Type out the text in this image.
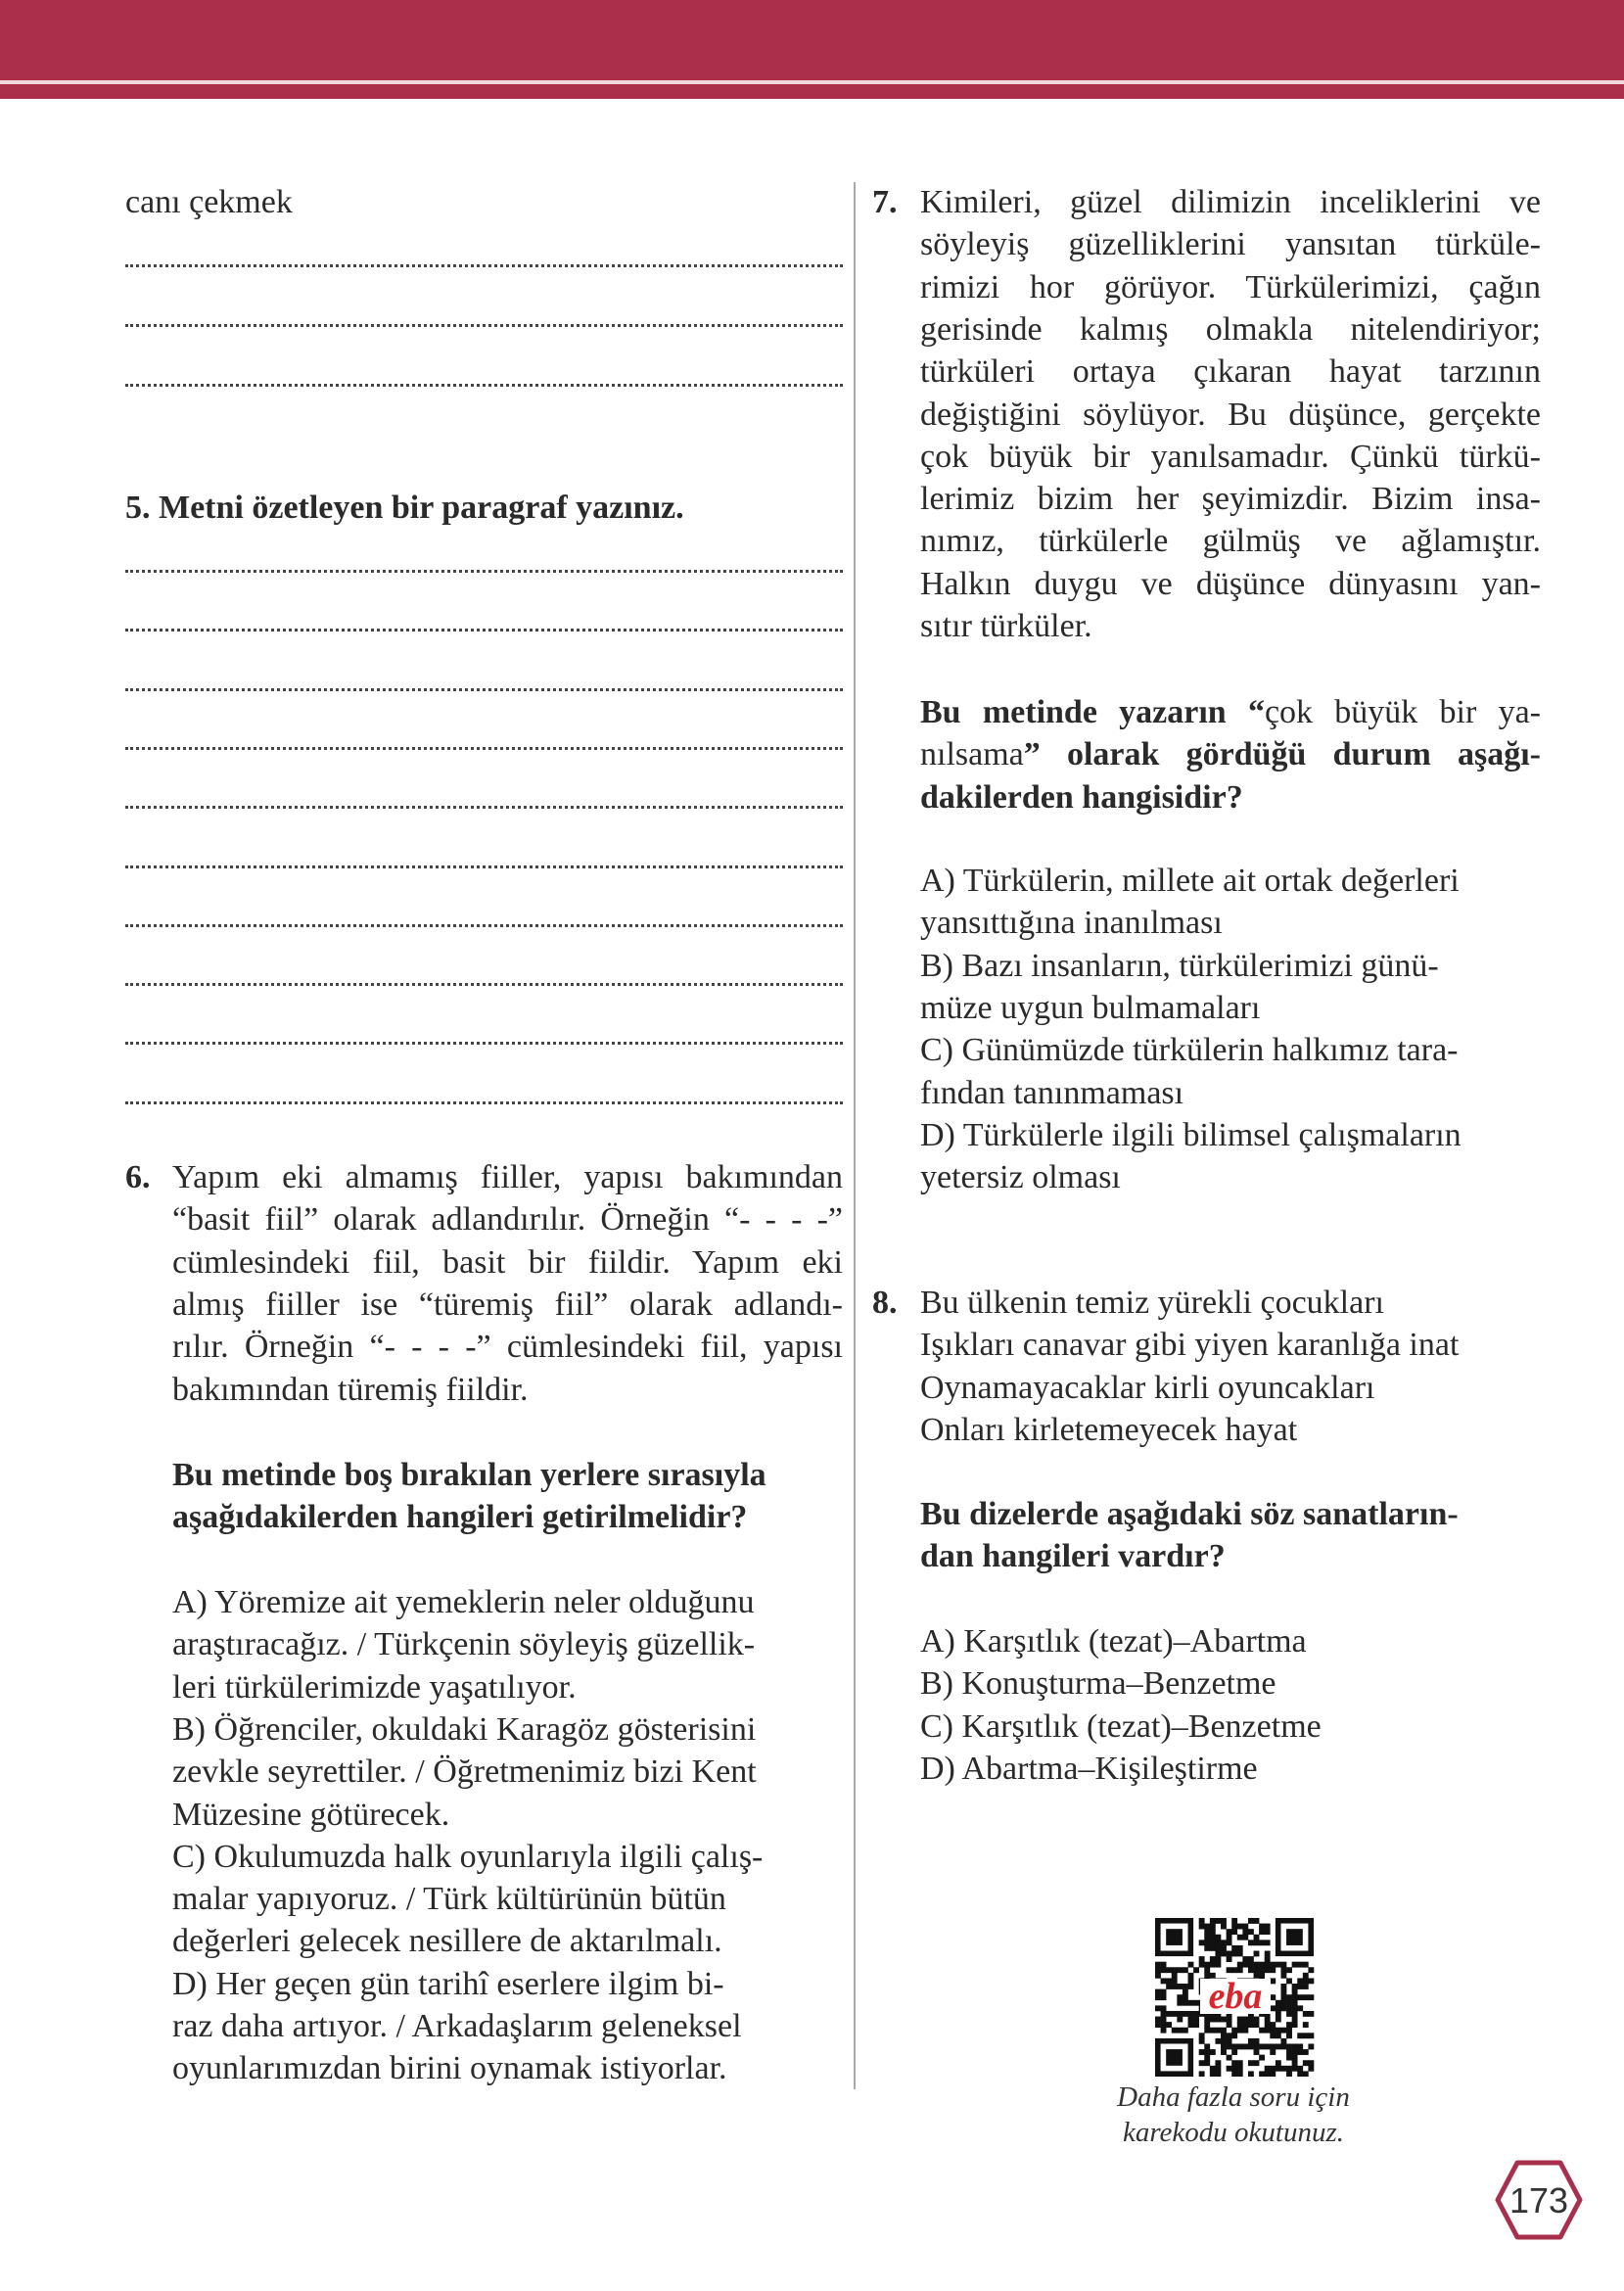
canı çekmek
5. Metni özetleyen bir paragraf yazınız.
6. Yapım eki almamış fiiller, yapısı bakımından
“basit fiil” olarak adlandırılır. Örneğin “- - - -”
cümlesindeki fiil, basit bir fiildir. Yapım eki
almış fiiller ise “türemiş fiil” olarak adlandı-
rılır. Örneğin “- - - -” cümlesindeki fiil, yapısı
bakımından türemiş fiildir.
Bu metinde boş bırakılan yerlere sırasıyla
aşağıdakilerden hangileri getirilmelidir?
A) Yöremize ait yemeklerin neler olduğunu
araştıracağız. / Türkçenin söyleyiş güzellik-
leri türkülerimizde yaşatılıyor.
B) Öğrenciler, okuldaki Karagöz gösterisini
zevkle seyrettiler. / Öğretmenimiz bizi Kent
Müzesine götürecek.
C) Okulumuzda halk oyunlarıyla ilgili çalış-
malar yapıyoruz. / Türk kültürünün bütün
değerleri gelecek nesillere de aktarılmalı.
D) Her geçen gün tarihî eserlere ilgim bi-
raz daha artıyor. / Arkadaşlarım geleneksel
oyunlarımızdan birini oynamak istiyorlar.
7. Kimileri, güzel dilimizin inceliklerini ve
söyleyiş güzelliklerini yansıtan türküle-
rimizi hor görüyor. Türkülerimizi, çağın
gerisinde kalmış olmakla nitelendiriyor;
türküleri ortaya çıkaran hayat tarzının
değiştiğini söylüyor. Bu düşünce, gerçekte
çok büyük bir yanılsamadır. Çünkü türkü-
lerimiz bizim her şeyimizdir. Bizim insa-
nımız, türkülerle gülmüş ve ağlamıştır.
Halkın duygu ve düşünce dünyasını yan-
sıtır türküler.
Bu metinde yazarın “çok büyük bir ya-
nılsama” olarak gördüğü durum aşağı-
dakilerden hangisidir?
A) Türkülerin, millete ait ortak değerleri
yansıttığına inanılması
B) Bazı insanların, türkülerimizi günü-
müze uygun bulmamaları
C) Günümüzde türkülerin halkımız tara-
fından tanınmaması
D) Türkülerle ilgili bilimsel çalışmaların
yetersiz olması
8. Bu ülkenin temiz yürekli çocukları
Işıkları canavar gibi yiyen karanlığa inat
Oynamayacaklar kirli oyuncakları
Onları kirletemeyecek hayat
Bu dizelerde aşağıdaki söz sanatların-
dan hangileri vardır?
A) Karşıtlık (tezat)–Abartma
B) Konuşturma–Benzetme
C) Karşıtlık (tezat)–Benzetme
D) Abartma–Kişileştirme
eba
Daha fazla soru için
karekodu okutunuz.
173
